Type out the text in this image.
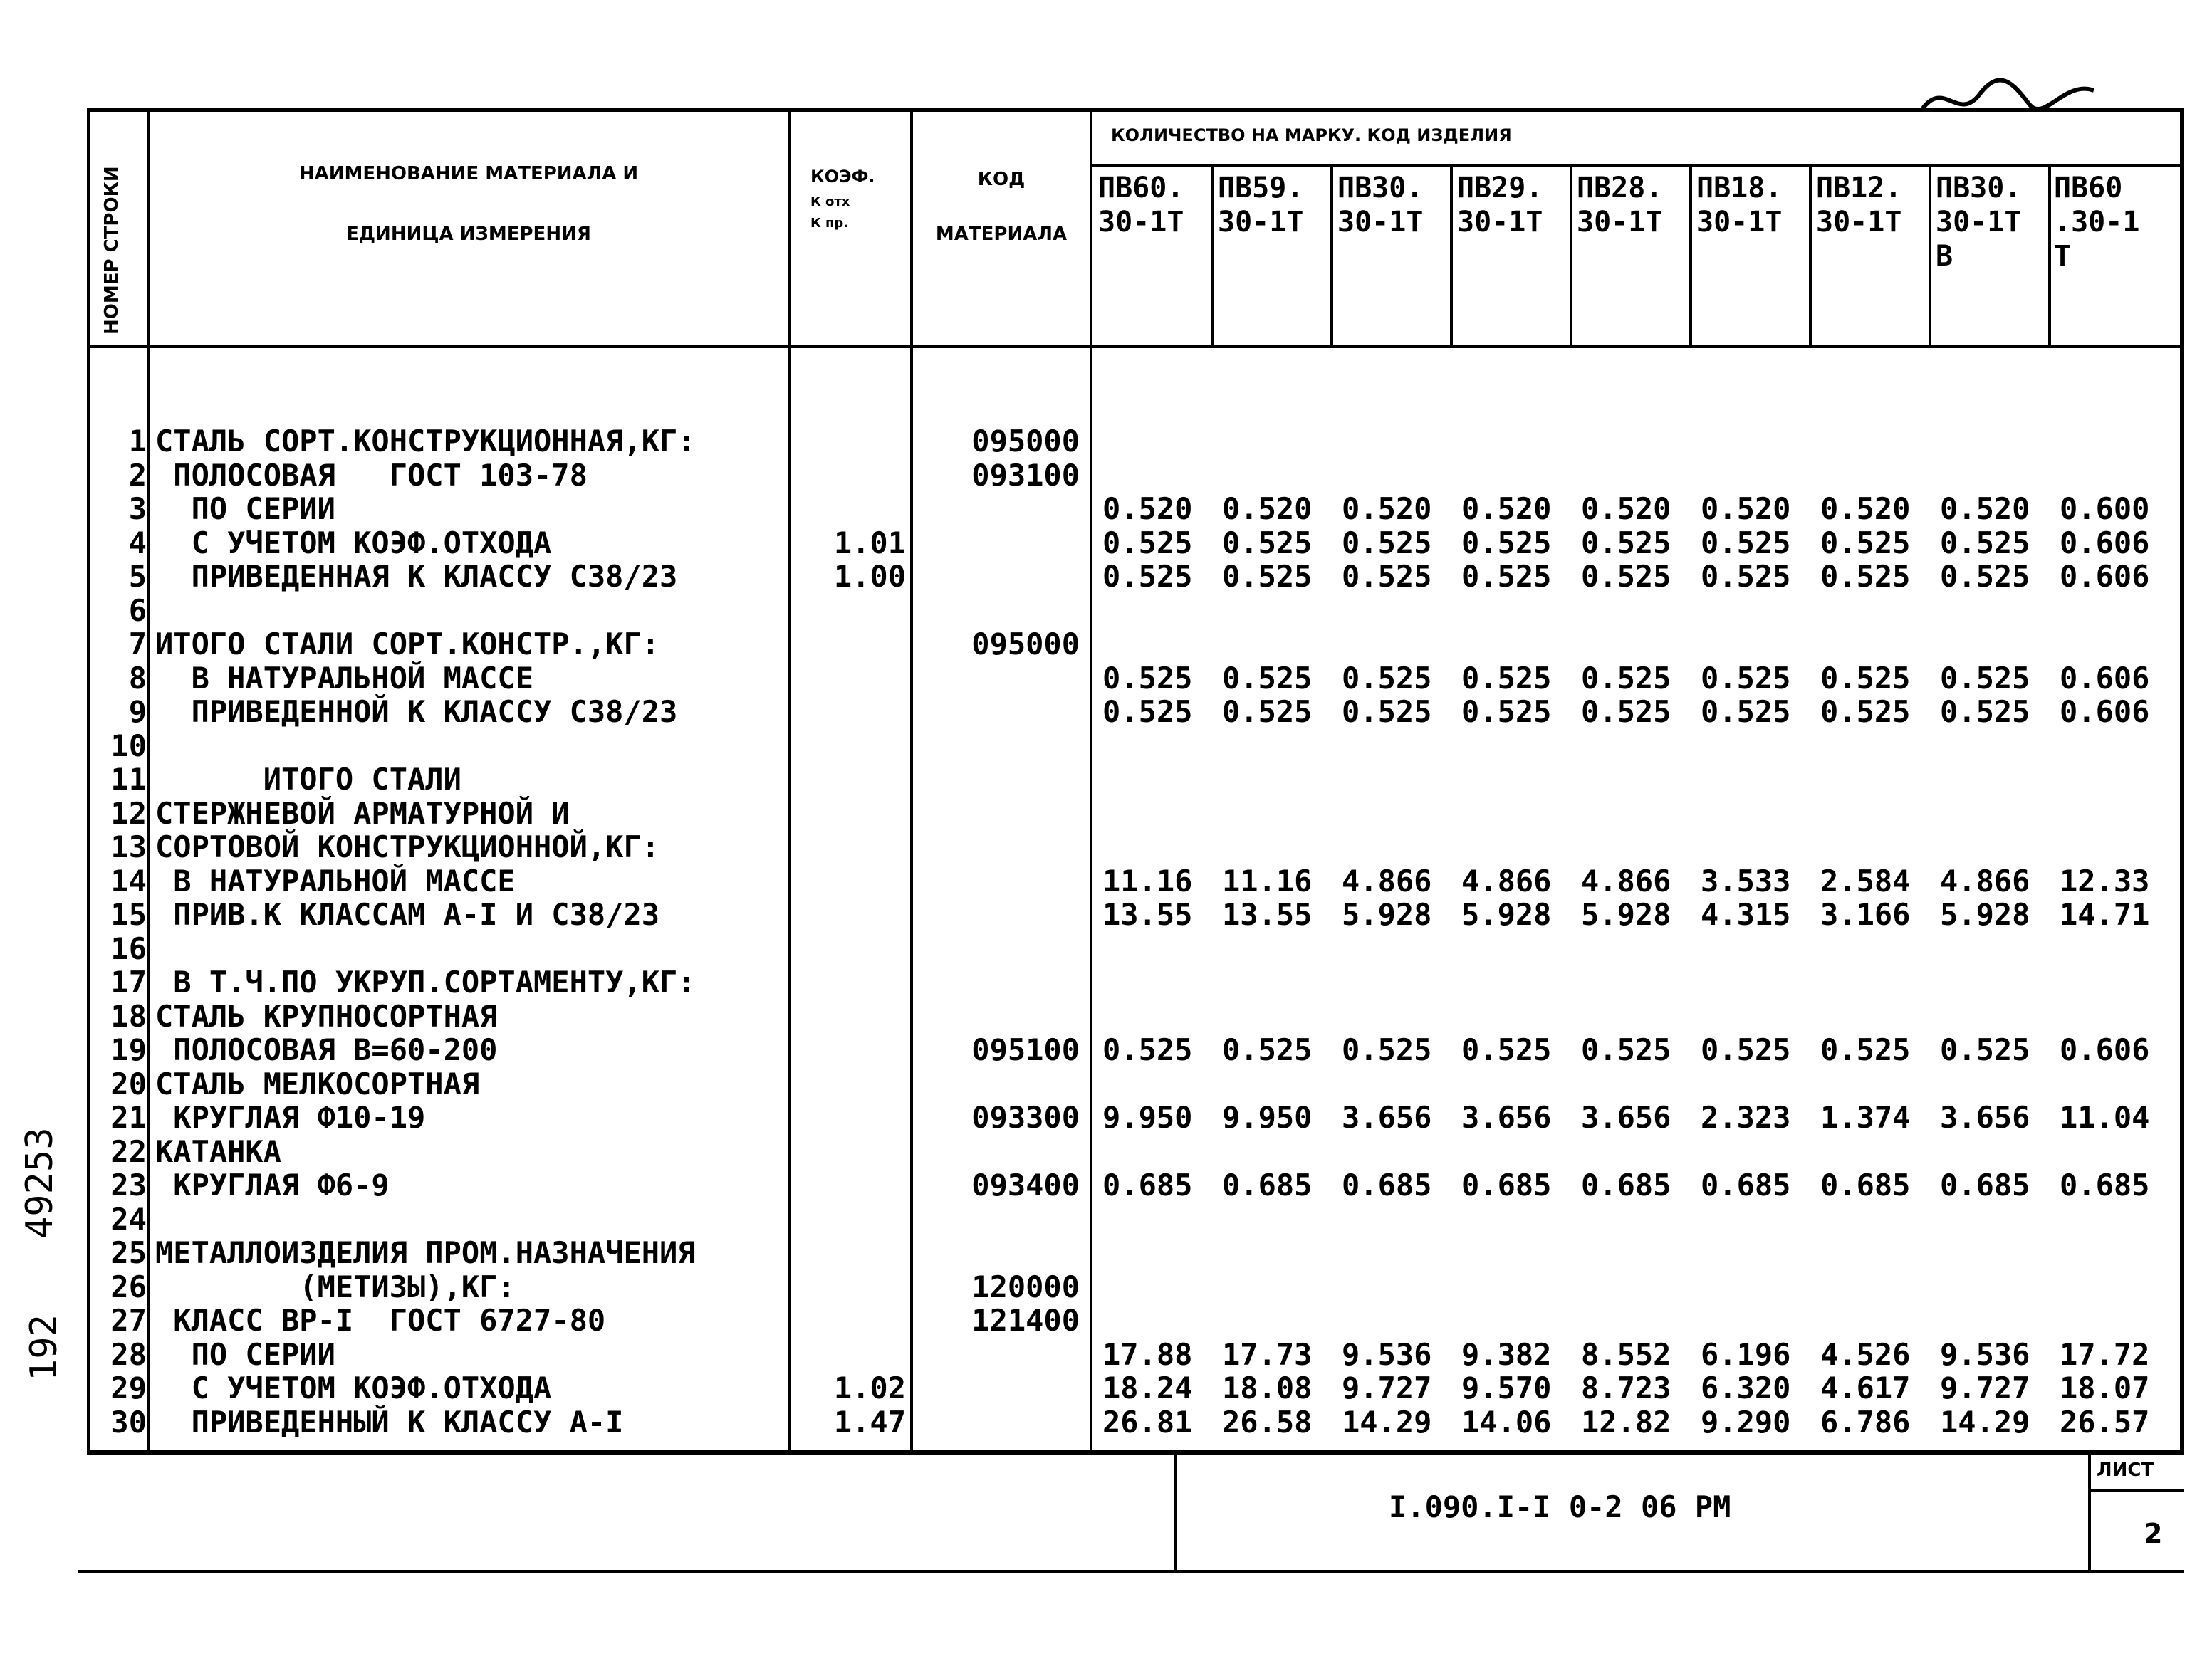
НОМЕР СТРОКИ	НАИМЕНОВАНИЕ МАТЕРИАЛА И
ЕДИНИЦА ИЗМЕРЕНИЯ
КОЭФ.
К отх
К пр.
КОД
МАТЕРИАЛА
КОЛИЧЕСТВО НА МАРКУ. КОД ИЗДЕЛИЯ
ПВ60.
30-1Т
ПВ59.
30-1Т
ПВ30.
30-1Т
ПВ29.
30-1Т
ПВ28.
30-1Т
ПВ18.
30-1Т
ПВ12.
30-1Т
ПВ30.
30-1Т
В
ПВ60
.30-1
Т
1
2
3
4
5
6
7
8
9
10
11
12
13
14
15
16
17
18
19
20
21
22
23
24
25
26
27
28
29
30
СТАЛЬ СОРТ.КОНСТРУКЦИОННАЯ,КГ:
ПОЛОСОВАЯ   ГОСТ 103-78
ПО СЕРИИ
С УЧЕТОМ КОЭФ.ОТХОДА
ПРИВЕДЕННАЯ К КЛАССУ С38/23

ИТОГО СТАЛИ СОРТ.КОНСТР.,КГ:
В НАТУРАЛЬНОЙ МАССЕ
ПРИВЕДЕННОЙ К КЛАССУ С38/23

ИТОГО СТАЛИ
СТЕРЖНЕВОЙ АРМАТУРНОЙ И
СОРТОВОЙ КОНСТРУКЦИОННОЙ,КГ:
В НАТУРАЛЬНОЙ МАССЕ
ПРИВ.К КЛАССАМ А-I И С38/23

В Т.Ч.ПО УКРУП.СОРТАМЕНТУ,КГ:
СТАЛЬ КРУПНОСОРТНАЯ
ПОЛОСОВАЯ В=60-200
СТАЛЬ МЕЛКОСОРТНАЯ
КРУГЛАЯ Ф10-19
КАТАНКА
КРУГЛАЯ Ф6-9

МЕТАЛЛОИЗДЕЛИЯ ПРОМ.НАЗНАЧЕНИЯ
(МЕТИЗЫ),КГ:
КЛАСС ВР-I  ГОСТ 6727-80
ПО СЕРИИ
С УЧЕТОМ КОЭФ.ОТХОДА
ПРИВЕДЕННЫЙ К КЛАССУ А-I

1.01
1.00

1.02
1.47
095000
093100

095000

095100

093300

093400

120000
121400

0.520
0.525
0.525

0.525
0.525

11.16
13.55

0.525

9.950

0.685

17.88
18.24
26.81

0.520
0.525
0.525

0.525
0.525

11.16
13.55

0.525

9.950

0.685

17.73
18.08
26.58

0.520
0.525
0.525

0.525
0.525

4.866
5.928

0.525

3.656

0.685

9.536
9.727
14.29

0.520
0.525
0.525

0.525
0.525

4.866
5.928

0.525

3.656

0.685

9.382
9.570
14.06

0.520
0.525
0.525

0.525
0.525

4.866
5.928

0.525

3.656

0.685

8.552
8.723
12.82

0.520
0.525
0.525

0.525
0.525

3.533
4.315

0.525

2.323

0.685

6.196
6.320
9.290

0.520
0.525
0.525

0.525
0.525

2.584
3.166

0.525

1.374

0.685

4.526
4.617
6.786

0.520
0.525
0.525

0.525
0.525

4.866
5.928

0.525

3.656

0.685

9.536
9.727
14.29

0.600
0.606
0.606

0.606
0.606

12.33
14.71

0.606

11.04

0.685

17.72
18.07
26.57
I.090.I-I 0-2 06 РМ
ЛИСТ
2
49253
192
